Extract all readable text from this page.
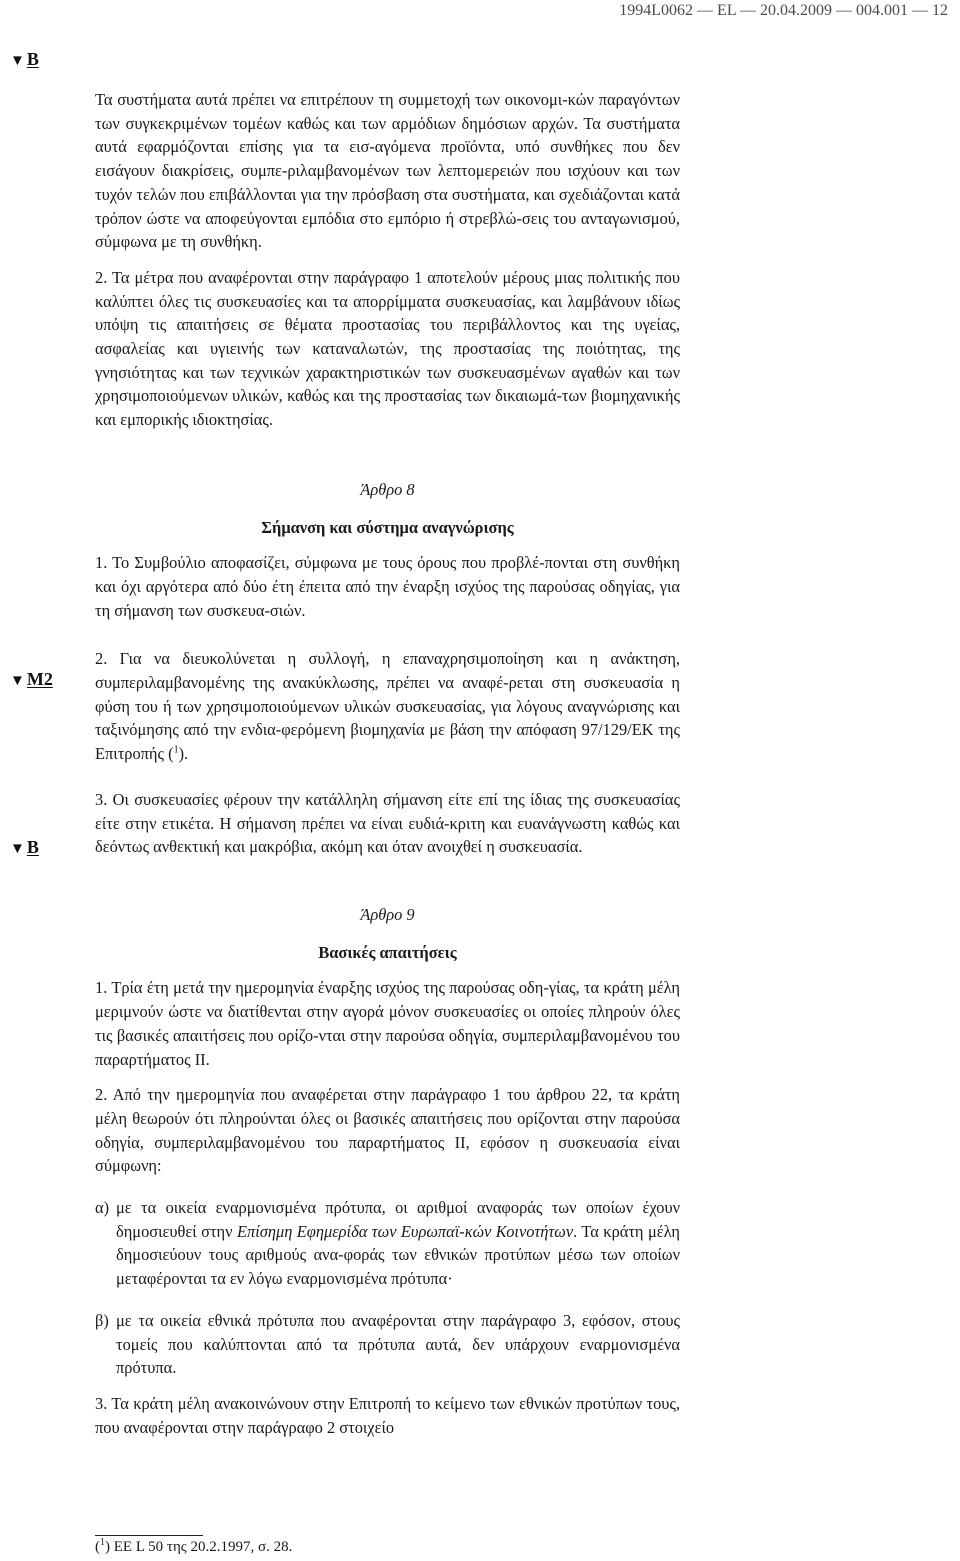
1994L0062 — EL — 20.04.2009 — 004.001 — 12
▼ B
▼ M2
▼ B

Τα συστήματα αυτά πρέπει να επιτρέπουν τη συμμετοχή των οικονομι-κών παραγόντων των συγκεκριμένων τομέων καθώς και των αρμόδιων δημόσιων αρχών. Τα συστήματα αυτά εφαρμόζονται επίσης για τα εισ-αγόμενα προϊόντα, υπό συνθήκες που δεν εισάγουν διακρίσεις, συμπε-ριλαμβανομένων των λεπτομερειών που ισχύουν και των τυχόν τελών που επιβάλλονται για την πρόσβαση στα συστήματα, και σχεδιάζονται κατά τρόπον ώστε να αποφεύγονται εμπόδια στο εμπόριο ή στρεβλώ-σεις του ανταγωνισμού, σύμφωνα με τη συνθήκη.

2. Τα μέτρα που αναφέρονται στην παράγραφο 1 αποτελούν μέρους μιας πολιτικής που καλύπτει όλες τις συσκευασίες και τα απορρίμματα συσκευασίας, και λαμβάνουν ιδίως υπόψη τις απαιτήσεις σε θέματα προστασίας του περιβάλλοντος και της υγείας, ασφαλείας και υγιεινής των καταναλωτών, της προστασίας της ποιότητας, της γνησιότητας και των τεχνικών χαρακτηριστικών των συσκευασμένων αγαθών και των χρησιμοποιούμενων υλικών, καθώς και της προστασίας των δικαιωμά-των βιομηχανικής και εμπορικής ιδιοκτησίας.

Άρθρο 8

Σήμανση και σύστημα αναγνώρισης

1. Το Συμβούλιο αποφασίζει, σύμφωνα με τους όρους που προβλέ-πονται στη συνθήκη και όχι αργότερα από δύο έτη έπειτα από την έναρξη ισχύος της παρούσας οδηγίας, για τη σήμανση των συσκευα-σιών.

2. Για να διευκολύνεται η συλλογή, η επαναχρησιμοποίηση και η ανάκτηση, συμπεριλαμβανομένης της ανακύκλωσης, πρέπει να αναφέ-ρεται στη συσκευασία η φύση του ή των χρησιμοποιούμενων υλικών συσκευασίας, για λόγους αναγνώρισης και ταξινόμησης από την ενδια-φερόμενη βιομηχανία με βάση την απόφαση 97/129/ΕΚ της Επιτροπής ($^1$).

3. Οι συσκευασίες φέρουν την κατάλληλη σήμανση είτε επί της ίδιας της συσκευασίας είτε στην ετικέτα. Η σήμανση πρέπει να είναι ευδιά-κριτη και ευανάγνωστη καθώς και δεόντως ανθεκτική και μακρόβια, ακόμη και όταν ανοιχθεί η συσκευασία.

Άρθρο 9

Βασικές απαιτήσεις

1. Τρία έτη μετά την ημερομηνία έναρξης ισχύος της παρούσας οδη-γίας, τα κράτη μέλη μεριμνούν ώστε να διατίθενται στην αγορά μόνον συσκευασίες οι οποίες πληρούν όλες τις βασικές απαιτήσεις που ορίζο-νται στην παρούσα οδηγία, συμπεριλαμβανομένου του παραρτήματος II.

2. Από την ημερομηνία που αναφέρεται στην παράγραφο 1 του άρθρου 22, τα κράτη μέλη θεωρούν ότι πληρούνται όλες οι βασικές απαιτήσεις που ορίζονται στην παρούσα οδηγία, συμπεριλαμβανομένου του παραρτήματος II, εφόσον η συσκευασία είναι σύμφωνη:

α) με τα οικεία εναρμονισμένα πρότυπα, οι αριθμοί αναφοράς των οποίων έχουν δημοσιευθεί στην Επίσημη Εφημερίδα των Ευρωπαϊ-κών Κοινοτήτων. Τα κράτη μέλη δημοσιεύουν τους αριθμούς ανα-φοράς των εθνικών προτύπων μέσω των οποίων μεταφέρονται τα εν λόγω εναρμονισμένα πρότυπα·
β) με τα οικεία εθνικά πρότυπα που αναφέρονται στην παράγραφο 3, εφόσον, στους τομείς που καλύπτονται από τα πρότυπα αυτά, δεν υπάρχουν εναρμονισμένα πρότυπα.

3. Τα κράτη μέλη ανακοινώνουν στην Επιτροπή το κείμενο των εθνικών προτύπων τους, που αναφέρονται στην παράγραφο 2 στοιχείο

($^1$) ΕΕ L 50 της 20.2.1997, σ. 28.
